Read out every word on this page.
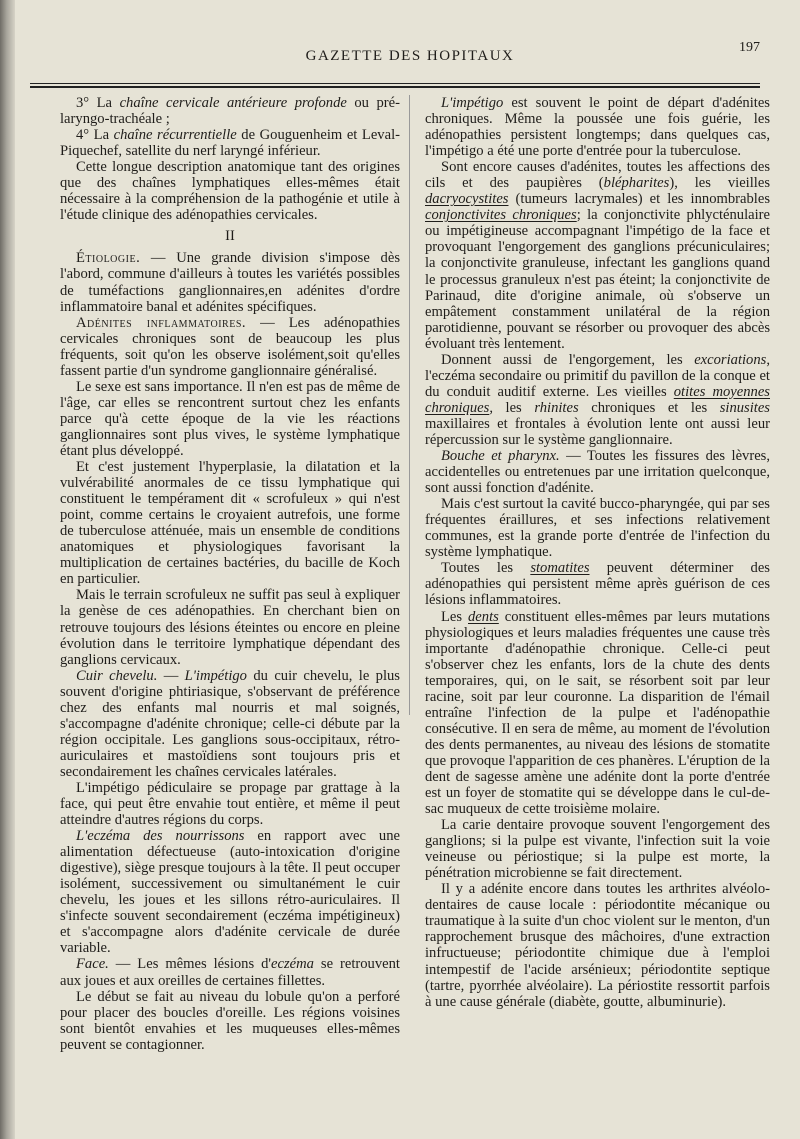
GAZETTE DES HOPITAUX
197

3° La chaîne cervicale antérieure profonde ou pré-laryngo-trachéale ;

4° La chaîne récurrentielle de Gouguenheim et Leval-Piquechef, satellite du nerf laryngé inférieur.

Cette longue description anatomique tant des origines que des chaînes lymphatiques elles-mêmes était nécessaire à la compréhension de la pathogénie et utile à l'étude clinique des adénopathies cervicales.

II

Étiologie. — Une grande division s'impose dès l'abord, commune d'ailleurs à toutes les variétés possibles de tuméfactions ganglionnaires,en adénites d'ordre inflammatoire banal et adénites spécifiques.

Adénites inflammatoires. — Les adénopathies cervicales chroniques sont de beaucoup les plus fréquents, soit qu'on les observe isolément,soit qu'elles fassent partie d'un syndrome ganglionnaire généralisé.

Le sexe est sans importance. Il n'en est pas de même de l'âge, car elles se rencontrent surtout chez les enfants parce qu'à cette époque de la vie les réactions ganglionnaires sont plus vives, le système lymphatique étant plus développé.

Et c'est justement l'hyperplasie, la dilatation et la vulvérabilité anormales de ce tissu lymphatique qui constituent le tempérament dit « scrofuleux » qui n'est point, comme certains le croyaient autrefois, une forme de tuberculose atténuée, mais un ensemble de conditions anatomiques et physiologiques favorisant la multiplication de certaines bactéries, du bacille de Koch en particulier.

Mais le terrain scrofuleux ne suffit pas seul à expliquer la genèse de ces adénopathies. En cherchant bien on retrouve toujours des lésions éteintes ou encore en pleine évolution dans le territoire lymphatique dépendant des ganglions cervicaux.

Cuir chevelu. — L'impétigo du cuir chevelu, le plus souvent d'origine phtiriasique, s'observant de préférence chez des enfants mal nourris et mal soignés, s'accompagne d'adénite chronique; celle-ci débute par la région occipitale. Les ganglions sous-occipitaux, rétro-auriculaires et mastoïdiens sont toujours pris et secondairement les chaînes cervicales latérales.

L'impétigo pédiculaire se propage par grattage à la face, qui peut être envahie tout entière, et même il peut atteindre d'autres régions du corps.

L'eczéma des nourrissons en rapport avec une alimentation défectueuse (auto-intoxication d'origine digestive), siège presque toujours à la tête. Il peut occuper isolément, successivement ou simultanément le cuir chevelu, les joues et les sillons rétro-auriculaires. Il s'infecte souvent secondairement (eczéma impétigineux) et s'accompagne alors d'adénite cervicale de durée variable.

Face. — Les mêmes lésions d'eczéma se retrouvent aux joues et aux oreilles de certaines fillettes.

Le début se fait au niveau du lobule qu'on a perforé pour placer des boucles d'oreille. Les régions voisines sont bientôt envahies et les muqueuses elles-mêmes peuvent se contagionner.

L'impétigo est souvent le point de départ d'adénites chroniques. Même la poussée une fois guérie, les adénopathies persistent longtemps; dans quelques cas, l'impétigo a été une porte d'entrée pour la tuberculose.

Sont encore causes d'adénites, toutes les affections des cils et des paupières (blépharites), les vieilles dacryocystites (tumeurs lacrymales) et les innombrables conjonctivites chroniques; la conjonctivite phlycténulaire ou impétigineuse accompagnant l'impétigo de la face et provoquant l'engorgement des ganglions précuniculaires; la conjonctivite granuleuse, infectant les ganglions quand le processus granuleux n'est pas éteint; la conjonctivite de Parinaud, dite d'origine animale, où s'observe un empâtement constamment unilatéral de la région parotidienne, pouvant se résorber ou provoquer des abcès évoluant très lentement.

Donnent aussi de l'engorgement, les excoriations, l'eczéma secondaire ou primitif du pavillon de la conque et du conduit auditif externe. Les vieilles otites moyennes chroniques, les rhinites chroniques et les sinusites maxillaires et frontales à évolution lente ont aussi leur répercussion sur le système ganglionnaire.

Bouche et pharynx. — Toutes les fissures des lèvres, accidentelles ou entretenues par une irritation quelconque, sont aussi fonction d'adénite.

Mais c'est surtout la cavité bucco-pharyngée, qui par ses fréquentes éraillures, et ses infections relativement communes, est la grande porte d'entrée de l'infection du système lymphatique.

Toutes les stomatites peuvent déterminer des adénopathies qui persistent même après guérison de ces lésions inflammatoires.

Les dents constituent elles-mêmes par leurs mutations physiologiques et leurs maladies fréquentes une cause très importante d'adénopathie chronique. Celle-ci peut s'observer chez les enfants, lors de la chute des dents temporaires, qui, on le sait, se résorbent soit par leur racine, soit par leur couronne. La disparition de l'émail entraîne l'infection de la pulpe et l'adénopathie consécutive. Il en sera de même, au moment de l'évolution des dents permanentes, au niveau des lésions de stomatite que provoque l'apparition de ces phanères. L'éruption de la dent de sagesse amène une adénite dont la porte d'entrée est un foyer de stomatite qui se développe dans le cul-de-sac muqueux de cette troisième molaire.

La carie dentaire provoque souvent l'engorgement des ganglions; si la pulpe est vivante, l'infection suit la voie veineuse ou périostique; si la pulpe est morte, la pénétration microbienne se fait directement.

Il y a adénite encore dans toutes les arthrites alvéolo-dentaires de cause locale : périodontite mécanique ou traumatique à la suite d'un choc violent sur le menton, d'un rapprochement brusque des mâchoires, d'une extraction infructueuse; périodontite chimique due à l'emploi intempestif de l'acide arsénieux; périodontite septique (tartre, pyorrhée alvéolaire). La périostite ressortit parfois à une cause générale (diabète, goutte, albuminurie).
